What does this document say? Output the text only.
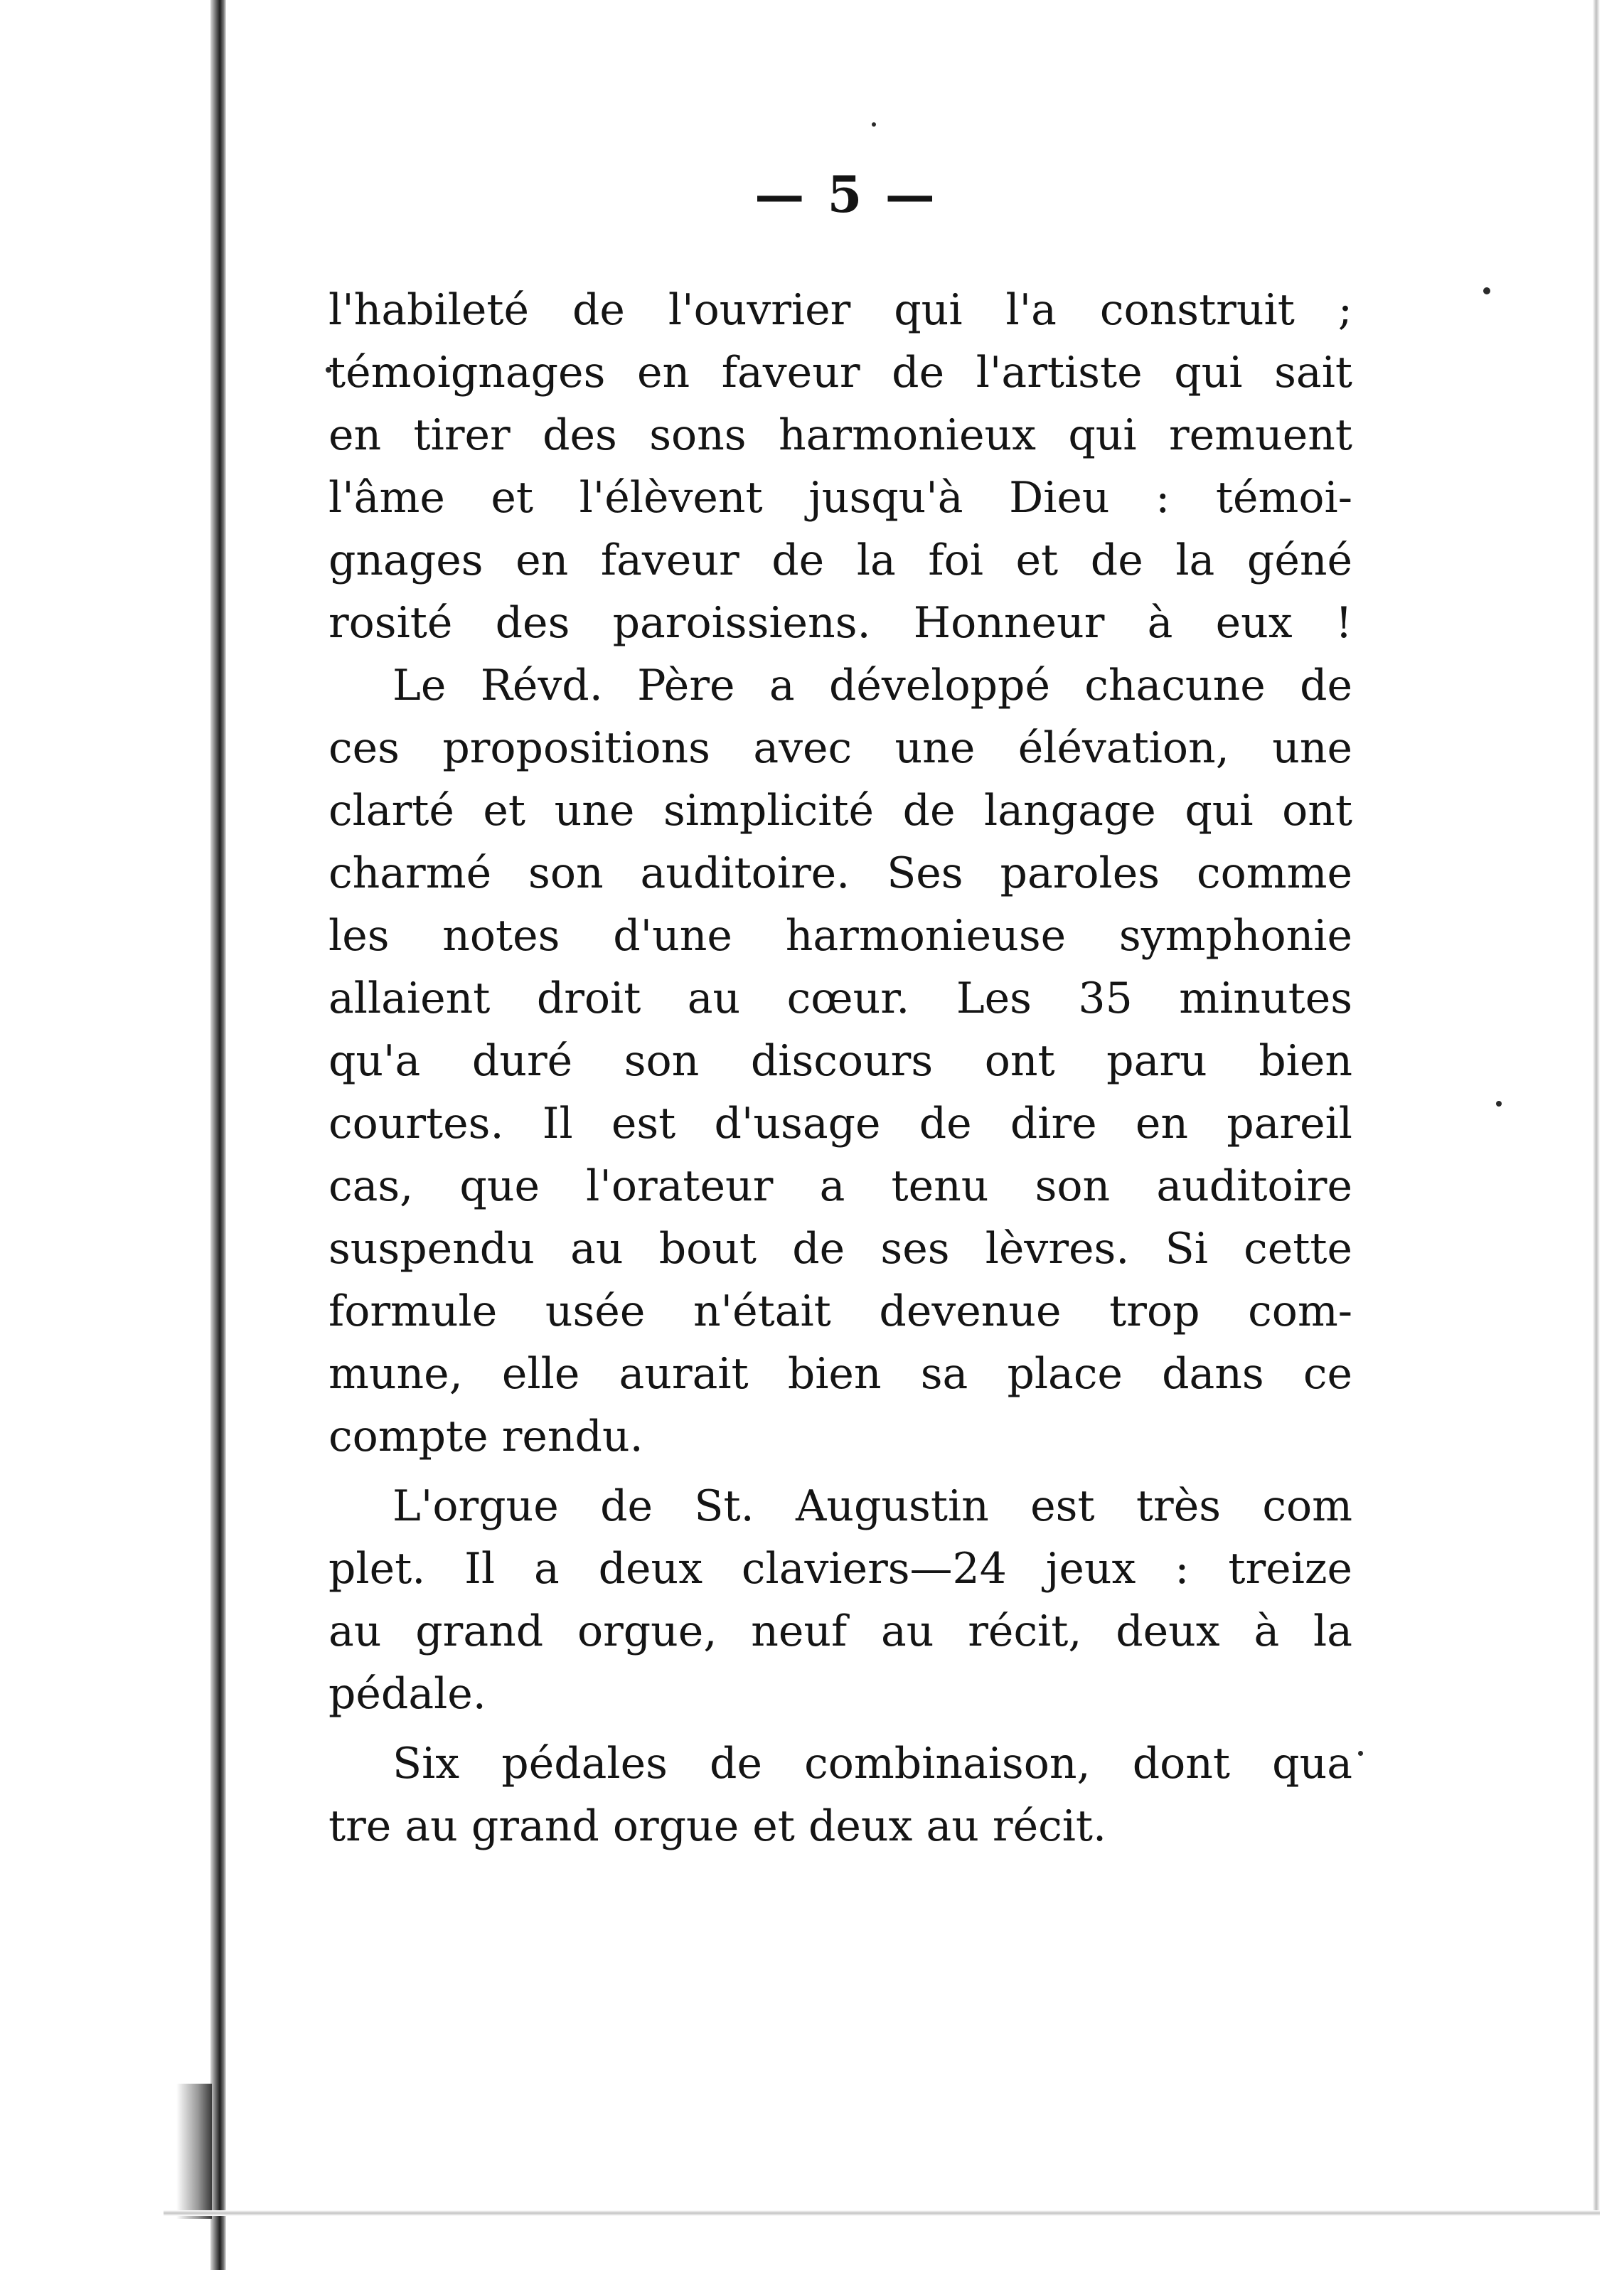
— 5 —
l'habileté de l'ouvrier qui l'a construit ;
témoignages en faveur de l'artiste qui sait
en tirer des sons harmonieux qui remuent
l'âme et l'élèvent jusqu'à Dieu : témoi-
gnages en faveur de la foi et de la géné
rosité des paroissiens. Honneur à eux !
Le Révd. Père a développé chacune de
ces propositions avec une élévation, une
clarté et une simplicité de langage qui ont
charmé son auditoire. Ses paroles comme
les notes d'une harmonieuse symphonie
allaient droit au cœur. Les 35 minutes
qu'a duré son discours ont paru bien
courtes. Il est d'usage de dire en pareil
cas, que l'orateur a tenu son auditoire
suspendu au bout de ses lèvres. Si cette
formule usée n'était devenue trop com-
mune, elle aurait bien sa place dans ce
compte rendu.
L'orgue de St. Augustin est très com
plet. Il a deux claviers—24 jeux : treize
au grand orgue, neuf au récit, deux à la
pédale.
Six pédales de combinaison, dont qua
tre au grand orgue et deux au récit.
